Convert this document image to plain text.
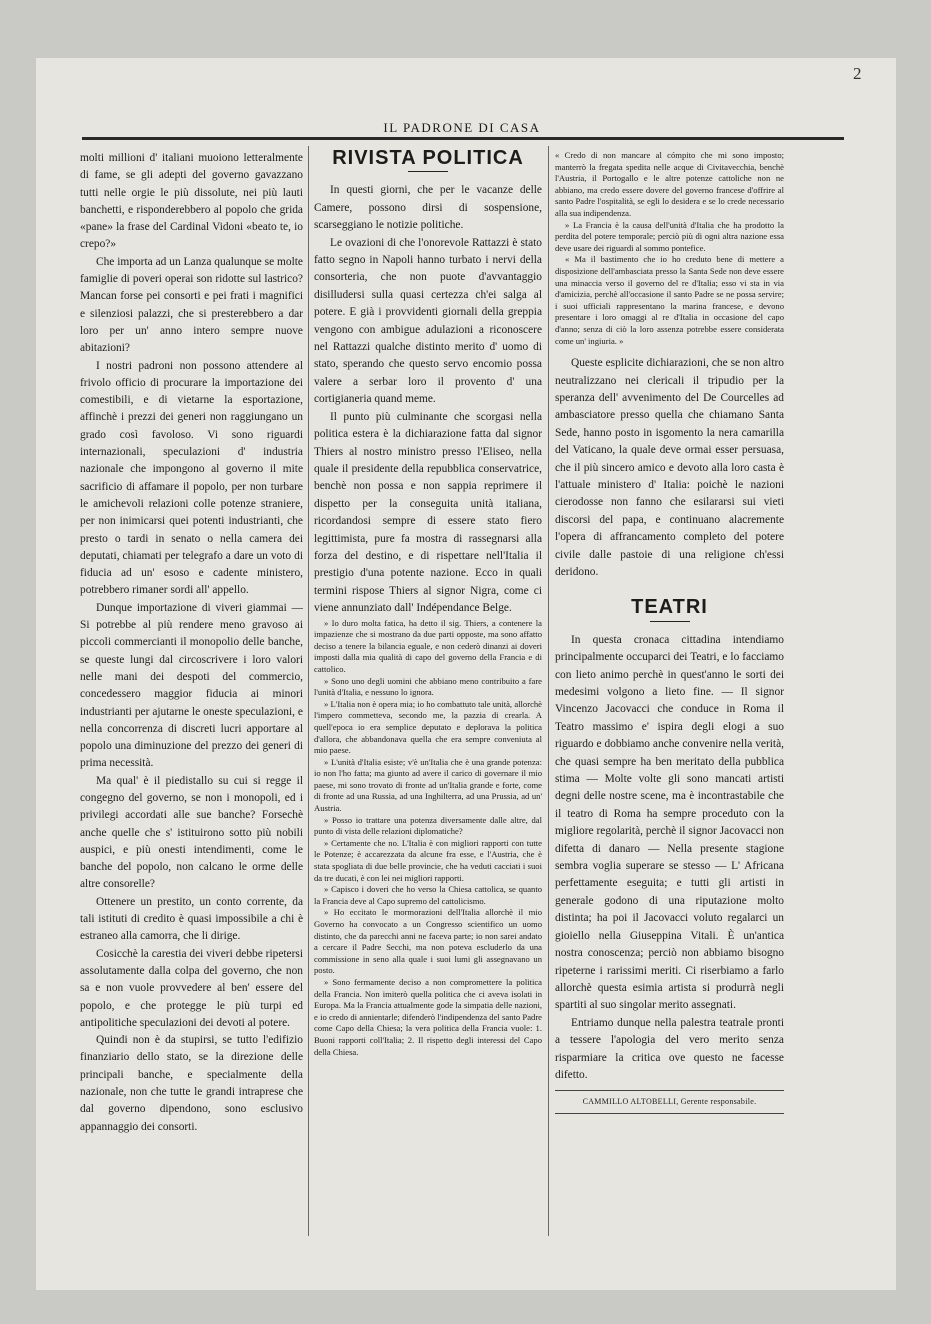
2
IL PADRONE DI CASA

molti millioni d' italiani muoiono letteralmente di fame, se gli adepti del governo gavazzano tutti nelle orgie le più dissolute, nei più lauti banchetti, e risponderebbero al popolo che grida «pane» la frase del Cardinal Vidoni «beato te, io crepo?»

Che importa ad un Lanza qualunque se molte famiglie di poveri operai son ridotte sul lastrico? Mancan forse pei consorti e pei frati i magnifici e silenziosi palazzi, che si presterebbero a dar loro per un' anno intero sempre nuove abitazioni?

I nostri padroni non possono attendere al frivolo officio di procurare la importazione dei comestibili, e di vietarne la esportazione, affinchè i prezzi dei generi non raggiungano un grado così favoloso. Vi sono riguardi internazionali, speculazioni d' industria nazionale che impongono al governo il mite sacrificio di affamare il popolo, per non turbare le amichevoli relazioni colle potenze straniere, per non inimicarsi quei potenti industrianti, che presto o tardi in senato o nella camera dei deputati, chiamati per telegrafo a dare un voto di fiducia ad un' esoso e cadente ministero, potrebbero rimaner sordi all' appello.

Dunque importazione di viveri giammai — Si potrebbe al più rendere meno gravoso ai piccoli commercianti il monopolio delle banche, se queste lungi dal circoscrivere i loro valori nelle mani dei despoti del commercio, concedessero maggior fiducia ai minori industrianti per ajutarne le oneste speculazioni, e nella concorrenza di discreti lucri apportare al popolo una diminuzione del prezzo dei generi di prima necessità.

Ma qual' è il piedistallo su cui si regge il congegno del governo, se non i monopoli, ed i privilegi accordati alle sue banche? Forsechè anche quelle che s' istituirono sotto più nobili auspici, e più onesti intendimenti, come le banche del popolo, non calcano le orme delle altre consorelle?

Ottenere un prestito, un conto corrente, da tali istituti di credito è quasi impossibile a chi è estraneo alla camorra, che li dirige.

Cosicchè la carestia dei viveri debbe ripetersi assolutamente dalla colpa del governo, che non sa e non vuole provvedere al ben' essere del popolo, e che protegge le più turpi ed antipolitiche speculazioni dei devoti al potere.

Quindi non è da stupirsi, se tutto l'edifizio finanziario dello stato, se la direzione delle principali banche, e specialmente della nazionale, non che tutte le grandi intraprese che dal governo dipendono, sono esclusivo appannaggio dei consorti.

RIVISTA POLITICA

In questi giorni, che per le vacanze delle Camere, possono dirsi di sospensione, scarseggiano le notizie politiche.

Le ovazioni di che l'onorevole Rattazzi è stato fatto segno in Napoli hanno turbato i nervi della consorteria, che non puote d'avvantaggio disilludersi sulla quasi certezza ch'ei salga al potere. E già i provvidenti giornali della greppia vengono con ambigue adulazioni a riconoscere nel Rattazzi qualche distinto merito d' uomo di stato, sperando che questo servo encomio possa valere a serbar loro il provento d' una cortigianeria quand meme.

Il punto più culminante che scorgasi nella politica estera è la dichiarazione fatta dal signor Thiers al nostro ministro presso l'Eliseo, nella quale il presidente della repubblica conservatrice, benchè non possa e non sappia reprimere il dispetto per la conseguita unità italiana, ricordandosi sempre di essere stato fiero legittimista, pure fa mostra di rassegnarsi alla forza del destino, e di rispettare nell'Italia il prestigio d'una potente nazione. Ecco in quali termini rispose Thiers al signor Nigra, come ci viene annunziato dall' Indépendance Belge.

» Io duro molta fatica, ha detto il sig. Thiers, a contenere la impazienze che si mostrano da due parti opposte, ma sono affatto deciso a tenere la bilancia eguale, e non cederò dinanzi ai doveri imposti dalla mia qualità di capo del governo della Francia e di cattolico.

» Sono uno degli uomini che abbiano meno contribuito a fare l'unità d'Italia, e nessuno lo ignora.

» L'Italia non è opera mia; io ho combattuto tale unità, allorchè l'impero commetteva, secondo me, la pazzia di crearla. A quell'epoca io era semplice deputato e deplorava la politica d'allora, che abbandonava quella che era sempre conveniuta al mio paese.

» L'unità d'Italia esiste; v'è un'Italia che è una grande potenza: io non l'ho fatta; ma giunto ad avere il carico di governare il mio paese, mi sono trovato di fronte ad un'Italia grande e forte, come di fronte ad una Russia, ad una Inghilterra, ad una Prussia, ad un' Austria.

» Posso io trattare una potenza diversamente dalle altre, dal punto di vista delle relazioni diplomatiche?

» Certamente che no. L'Italia è con migliori rapporti con tutte le Potenze; è accarezzata da alcune fra esse, e l'Austria, che è stata spogliata di due belle provincie, che ha veduti cacciati i suoi da tre ducati, è con lei nei migliori rapporti.

» Capisco i doveri che ho verso la Chiesa cattolica, se quanto la Francia deve al Capo supremo del cattolicismo.

» Ho eccitato le mormorazioni dell'Italia allorchè il mio Governo ha convocato a un Congresso scientifico un uomo distinto, che da parecchi anni ne faceva parte; io non sarei andato a cercare il Padre Secchi, ma non poteva escluderlo da una commissione in seno alla quale i suoi lumi gli assegnavano un posto.

» Sono fermamente deciso a non compromettere la politica della Francia. Non imiterò quella politica che ci aveva isolati in Europa. Ma la Francia attualmente gode la simpatia delle nazioni, e io credo di annientarle; difenderò l'indipendenza del santo Padre come Capo della Chiesa; la vera politica della Francia vuole: 1. Buoni rapporti coll'Italia; 2. Il rispetto degli interessi del Capo della Chiesa.

« Credo di non mancare al cómpito che mi sono imposto; manterrò la fregata spedita nelle acque di Civitavecchia, benchè l'Austria, il Portogallo e le altre potenze cattoliche non ne abbiano, ma credo essere dovere del governo francese d'offrire al santo Padre l'ospitalità, se egli lo desidera e se lo crede necessario alla sua indipendenza.

» La Francia è la causa dell'unità d'Italia che ha prodotto la perdita del potere temporale; perciò più di ogni altra nazione essa deve usare dei riguardi al sommo pontefice.

« Ma il bastimento che io ho creduto bene di mettere a disposizione dell'ambasciata presso la Santa Sede non deve essere una minaccia verso il governo del re d'Italia; esso vi sta in via d'amicizia, perchè all'occasione il santo Padre se ne possa servire; i suoi ufficiali rappresentano la marina francese, e devono presentare i loro omaggi al re d'Italia in occasione del capo d'anno; senza di ciò la loro assenza potrebbe essere considerata come un' ingiuria. »

Queste esplicite dichiarazioni, che se non altro neutralizzano nei clericali il tripudio per la speranza dell' avvenimento del De Courcelles ad ambasciatore presso quella che chiamano Santa Sede, hanno posto in isgomento la nera camarilla del Vaticano, la quale deve ormai esser persuasa, che il più sincero amico e devoto alla loro casta è l'attuale ministero d' Italia: poichè le nazioni cierodosse non fanno che esilararsi sui vieti discorsi del papa, e continuano alacremente l'opera di affrancamento completo del potere civile dalle pastoie di una religione ch'essi deridono.

TEATRI

In questa cronaca cittadina intendiamo principalmente occuparci dei Teatri, e lo facciamo con lieto animo perchè in quest'anno le sorti dei medesimi volgono a lieto fine. — Il signor Vincenzo Jacovacci che conduce in Roma il Teatro massimo e' ispira degli elogi a suo riguardo e dobbiamo anche convenire nella verità, che quasi sempre ha ben meritato della pubblica stima — Molte volte gli sono mancati artisti degni delle nostre scene, ma è incontrastabile che il teatro di Roma ha sempre proceduto con la migliore regolarità, perchè il signor Jacovacci non difetta di danaro — Nella presente stagione sembra voglia superare se stesso — L' Africana perfettamente eseguita; e tutti gli artisti in generale godono di una riputazione molto distinta; ha poi il Jacovacci voluto regalarci un gioiello nella Giuseppina Vitali. È un'antica nostra conoscenza; perciò non abbiamo bisogno ripeterne i rarissimi meriti. Ci riserbiamo a farlo allorchè questa esimia artista si produrrà negli spartiti al suo singolar merito assegnati.

Entriamo dunque nella palestra teatrale pronti a tessere l'apologia del vero merito senza risparmiare la critica ove questo ne facesse difetto.

CAMMILLO ALTOBELLI, Gerente responsabile.
